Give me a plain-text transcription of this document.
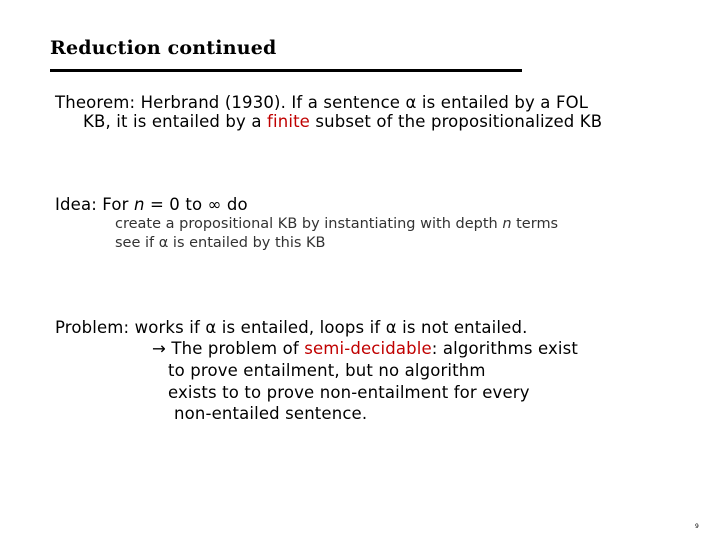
Reduction continued
Theorem: Herbrand (1930). If a sentence α is entailed by a FOL
KB, it is entailed by a finite subset of the propositionalized KB
Idea: For n = 0 to ∞ do
create a propositional KB by instantiating with depth n terms
see if α is entailed by this KB
Problem: works if α is entailed, loops if α is not entailed.
→ The problem of semi-decidable: algorithms exist
to prove entailment, but no algorithm
exists to to prove non-entailment for every
non-entailed sentence.
9
